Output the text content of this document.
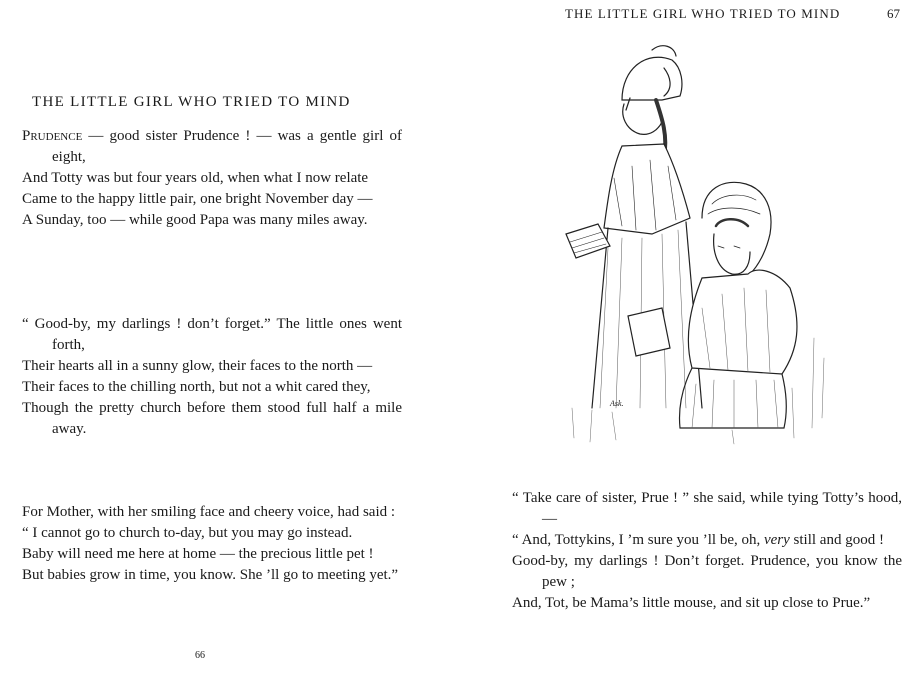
THE LITTLE GIRL WHO TRIED TO MIND

Prudence — good sister Prudence ! — was a gentle girl of eight,

And Totty was but four years old, when what I now relate

Came to the happy little pair, one bright November day —

A Sunday, too — while good Papa was many miles away.

“ Good-by, my darlings ! don’t forget.” The little ones went forth,

Their hearts all in a sunny glow, their faces to the north —

Their faces to the chilling north, but not a whit cared they,

Though the pretty church before them stood full half a mile away.

For Mother, with her smiling face and cheery voice, had said :

“ I cannot go to church to-day, but you may go instead.

Baby will need me here at home — the precious little pet !

But babies grow in time, you know. She ’ll go to meeting yet.”

66
THE LITTLE GIRL WHO TRIED TO MIND	67
Ask.

“ Take care of sister, Prue ! ” she said, while tying Totty’s hood, —

“ And, Tottykins, I ’m sure you ’ll be, oh, very still and good !

Good-by, my darlings ! Don’t forget. Prudence, you know the pew ;

And, Tot, be Mama’s little mouse, and sit up close to Prue.”
